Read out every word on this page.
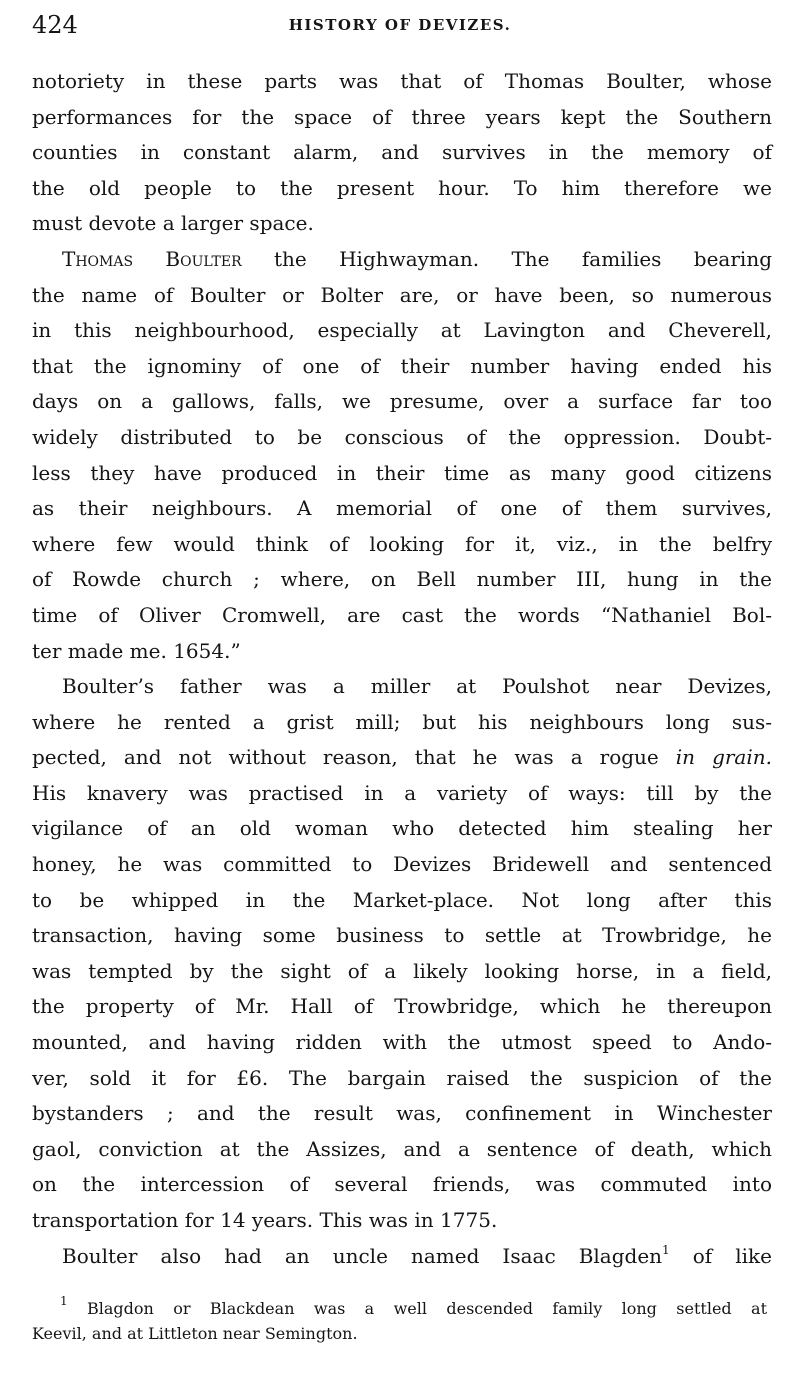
424	HISTORY OF DEVIZES.
notoriety in these parts was that of Thomas Boulter, whose
performances for the space of three years kept the Southern
counties in constant alarm, and survives in the memory of
the old people to the present hour. To him therefore we
must devote a larger space.
Thomas Boulter the Highwayman. The families bearing
the name of Boulter or Bolter are, or have been, so numerous
in this neighbourhood, especially at Lavington and Cheverell,
that the ignominy of one of their number having ended his
days on a gallows, falls, we presume, over a surface far too
widely distributed to be conscious of the oppression. Doubt-
less they have produced in their time as many good citizens
as their neighbours. A memorial of one of them survives,
where few would think of looking for it, viz., in the belfry
of Rowde church ; where, on Bell number III, hung in the
time of Oliver Cromwell, are cast the words “Nathaniel Bol-
ter made me. 1654.”
Boulter’s father was a miller at Poulshot near Devizes,
where he rented a grist mill; but his neighbours long sus-
pected, and not without reason, that he was a rogue in grain.
His knavery was practised in a variety of ways: till by the
vigilance of an old woman who detected him stealing her
honey, he was committed to Devizes Bridewell and sentenced
to be whipped in the Market-place. Not long after this
transaction, having some business to settle at Trowbridge, he
was tempted by the sight of a likely looking horse, in a field,
the property of Mr. Hall of Trowbridge, which he thereupon
mounted, and having ridden with the utmost speed to Ando-
ver, sold it for £6. The bargain raised the suspicion of the
bystanders ; and the result was, confinement in Winchester
gaol, conviction at the Assizes, and a sentence of death, which
on the intercession of several friends, was commuted into
transportation for 14 years. This was in 1775.
Boulter also had an uncle named Isaac Blagden$^1$ of like
$^1$ Blagdon or Blackdean was a well descended family long settled at
Keevil, and at Littleton near Semington.
